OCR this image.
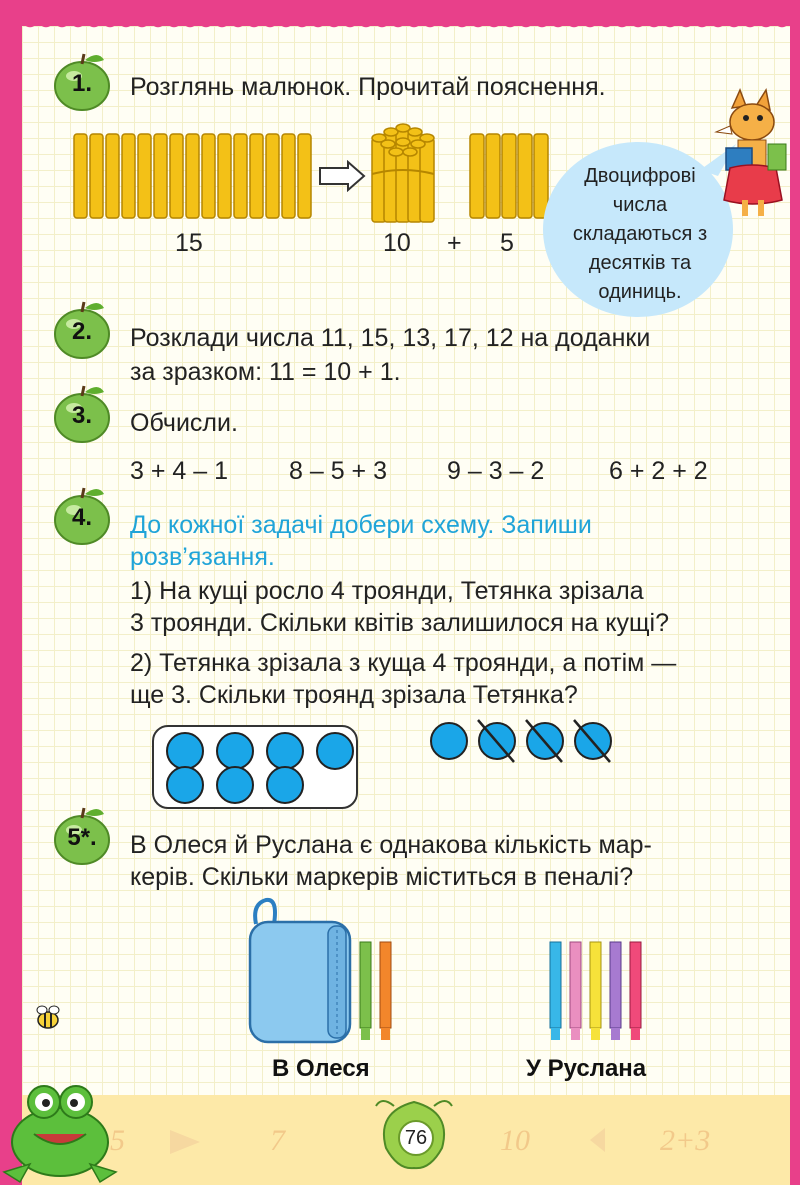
5	7	10	2+3
1.	Розглянь малюнок. Прочитай пояснення.
15	10 + 5
Двоцифрові числа складаються з десятків та одиниць.
2.	Розклади числа 11, 15, 13, 17, 12 на доданки
за зразком: 11 = 10 + 1.
3.	Обчисли.
3 + 4 – 1 8 – 5 + 3 9 – 3 – 2	6 + 2 + 2
4.	До кожної задачі добери схему. Запиши
розв’язання.
1) На кущі росло 4 троянди, Тетянка зрізала
3 троянди. Скільки квітів залишилося на кущі?
2) Тетянка зрізала з куща 4 троянди, а потім —
ще 3. Скільки троянд зрізала Тетянка?
5*.	В Олеся й Руслана є однакова кількість мар-
керів. Скільки маркерів міститься в пеналі?
В Олеся	У Руслана
76
